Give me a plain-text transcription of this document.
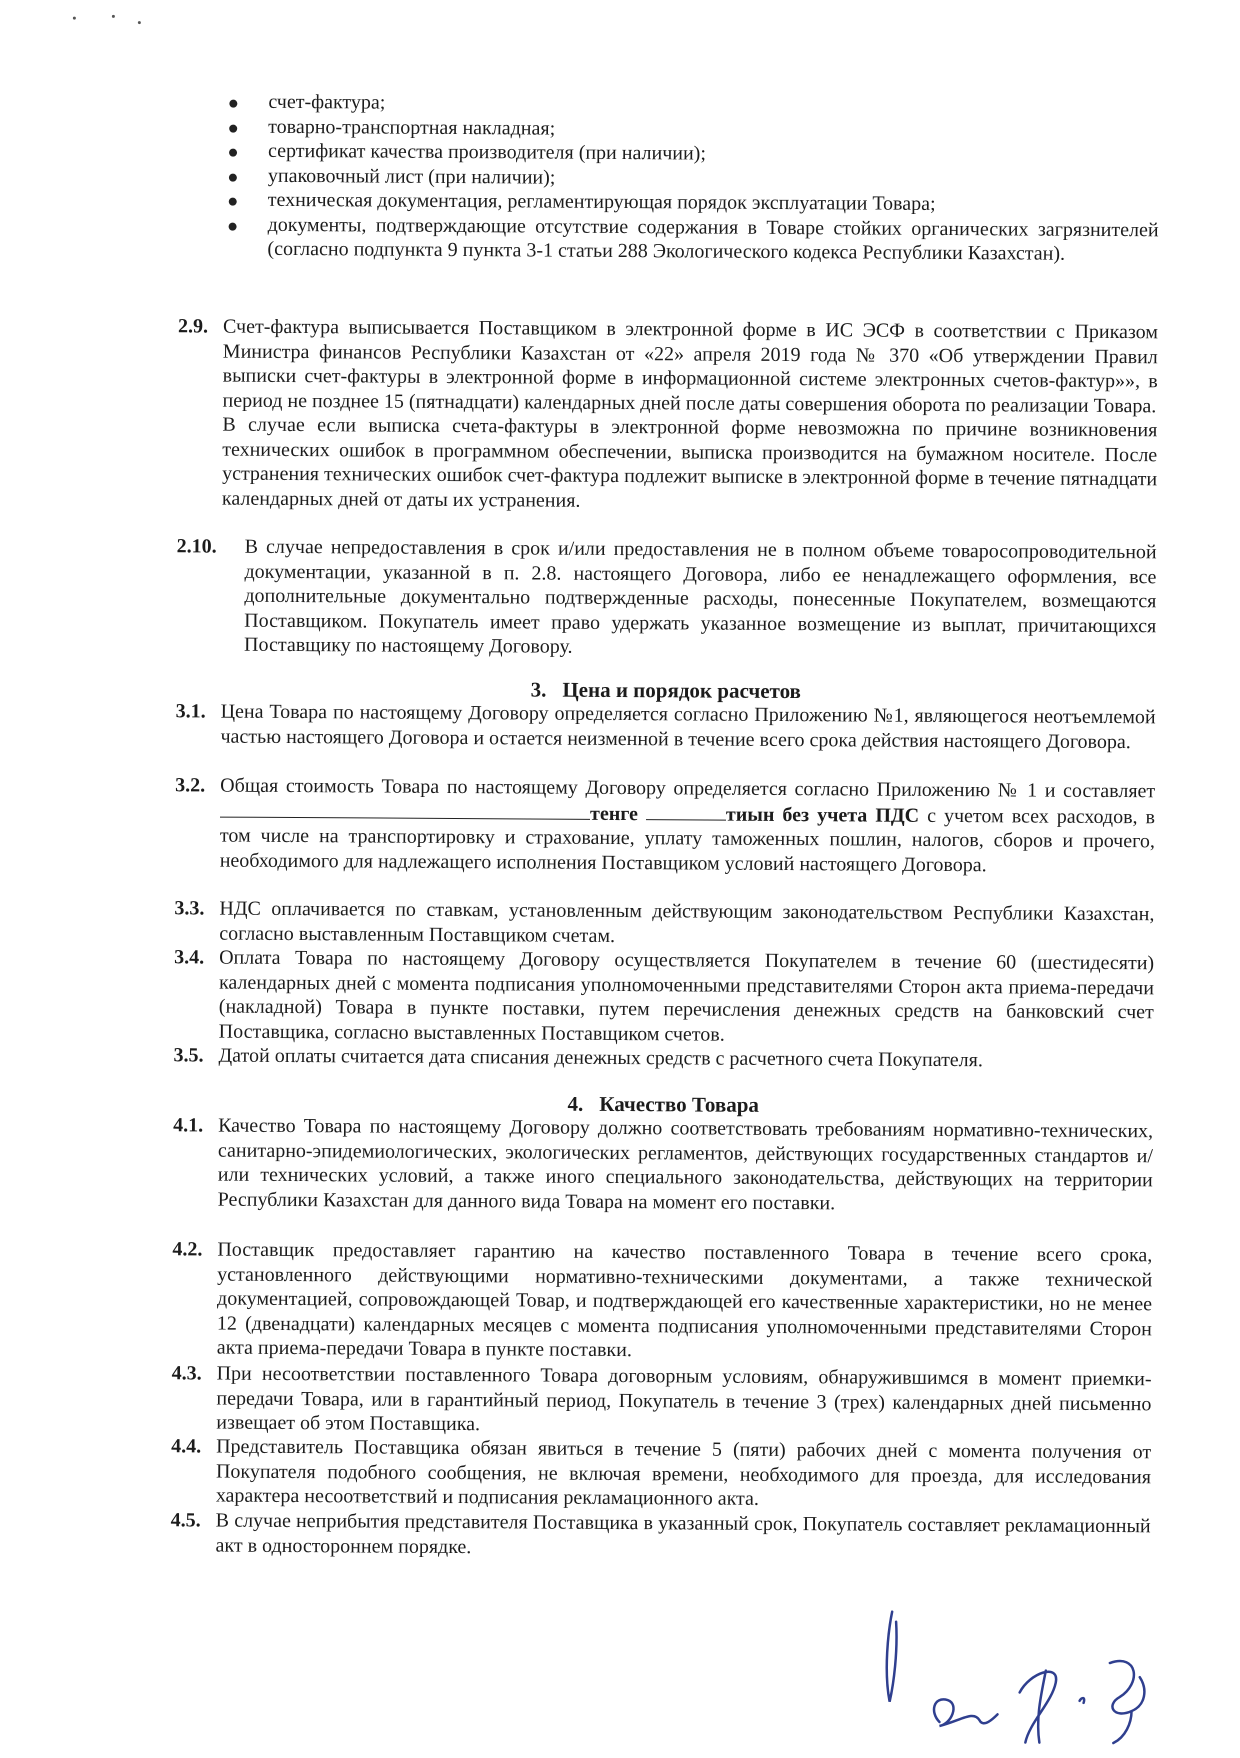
счет-фактура;
товарно-транспортная накладная;
сертификат качества производителя (при наличии);
упаковочный лист (при наличии);
техническая документация, регламентирующая порядок эксплуатации Товара;
документы, подтверждающие отсутствие содержания в Товаре стойких органических загрязнителей (согласно подпункта 9 пункта 3-1 статьи 288 Экологического кодекса Республики Казахстан).
2.9. Счет-фактура выписывается Поставщиком в электронной форме в ИС ЭСФ в соответствии с Приказом Министра финансов Республики Казахстан от «22» апреля 2019 года № 370 «Об утверждении Правил выписки счет-фактуры в электронной форме в информационной системе электронных счетов-фактур»», в период не позднее 15 (пятнадцати) календарных дней после даты совершения оборота по реализации Товара.

В случае если выписка счета-фактуры в электронной форме невозможна по причине возникновения технических ошибок в программном обеспечении, выписка производится на бумажном носителе. После устранения технических ошибок счет-фактура подлежит выписке в электронной форме в течение пятнадцати календарных дней от даты их устранения.

2.10. В случае непредоставления в срок и/или предоставления не в полном объеме товаросопроводительной документации, указанной в п. 2.8. настоящего Договора, либо ее ненадлежащего оформления, все дополнительные документально подтвержденные расходы, понесенные Покупателем, возмещаются Поставщиком. Покупатель имеет право удержать указанное возмещение из выплат, причитающихся Поставщику по настоящему Договору.

3. Цена и порядок расчетов
3.1. Цена Товара по настоящему Договору определяется согласно Приложению №1, являющегося неотъемлемой частью настоящего Договора и остается неизменной в течение всего срока действия настоящего Договора.

3.2. Общая стоимость Товара по настоящему Договору определяется согласно Приложению № 1 и составляет тенге	тиын без учета ПДС с учетом всех расходов, в том числе на транспортировку и страхование, уплату таможенных пошлин, налогов, сборов и прочего, необходимого для надлежащего исполнения Поставщиком условий настоящего Договора.

3.3. НДС оплачивается по ставкам, установленным действующим законодательством Республики Казахстан, согласно выставленным Поставщиком счетам.

3.4. Оплата Товара по настоящему Договору осуществляется Покупателем в течение 60 (шестидесяти) календарных дней с момента подписания уполномоченными представителями Сторон акта приема-передачи (накладной) Товара в пункте поставки, путем перечисления денежных средств на банковский счет Поставщика, согласно выставленных Поставщиком счетов.

3.5. Датой оплаты считается дата списания денежных средств с расчетного счета Покупателя.

4. Качество Товара
4.1. Качество Товара по настоящему Договору должно соответствовать требованиям нормативно-технических, санитарно-эпидемиологических, экологических регламентов, действующих государственных стандартов и/или технических условий, а также иного специального законодательства, действующих на территории Республики Казахстан для данного вида Товара на момент его поставки.

4.2. Поставщик предоставляет гарантию на качество поставленного Товара в течение всего срока, установленного действующими нормативно-техническими документами, а также технической документацией, сопровождающей Товар, и подтверждающей его качественные характеристики, но не менее 12 (двенадцати) календарных месяцев с момента подписания уполномоченными представителями Сторон акта приема-передачи Товара в пункте поставки.

4.3. При несоответствии поставленного Товара договорным условиям, обнаружившимся в момент приемки-передачи Товара, или в гарантийный период, Покупатель в течение 3 (трех) календарных дней письменно извещает об этом Поставщика.

4.4. Представитель Поставщика обязан явиться в течение 5 (пяти) рабочих дней с момента получения от Покупателя подобного сообщения, не включая времени, необходимого для проезда, для исследования характера несоответствий и подписания рекламационного акта.

4.5. В случае неприбытия представителя Поставщика в указанный срок, Покупатель составляет рекламационный акт в одностороннем порядке.
